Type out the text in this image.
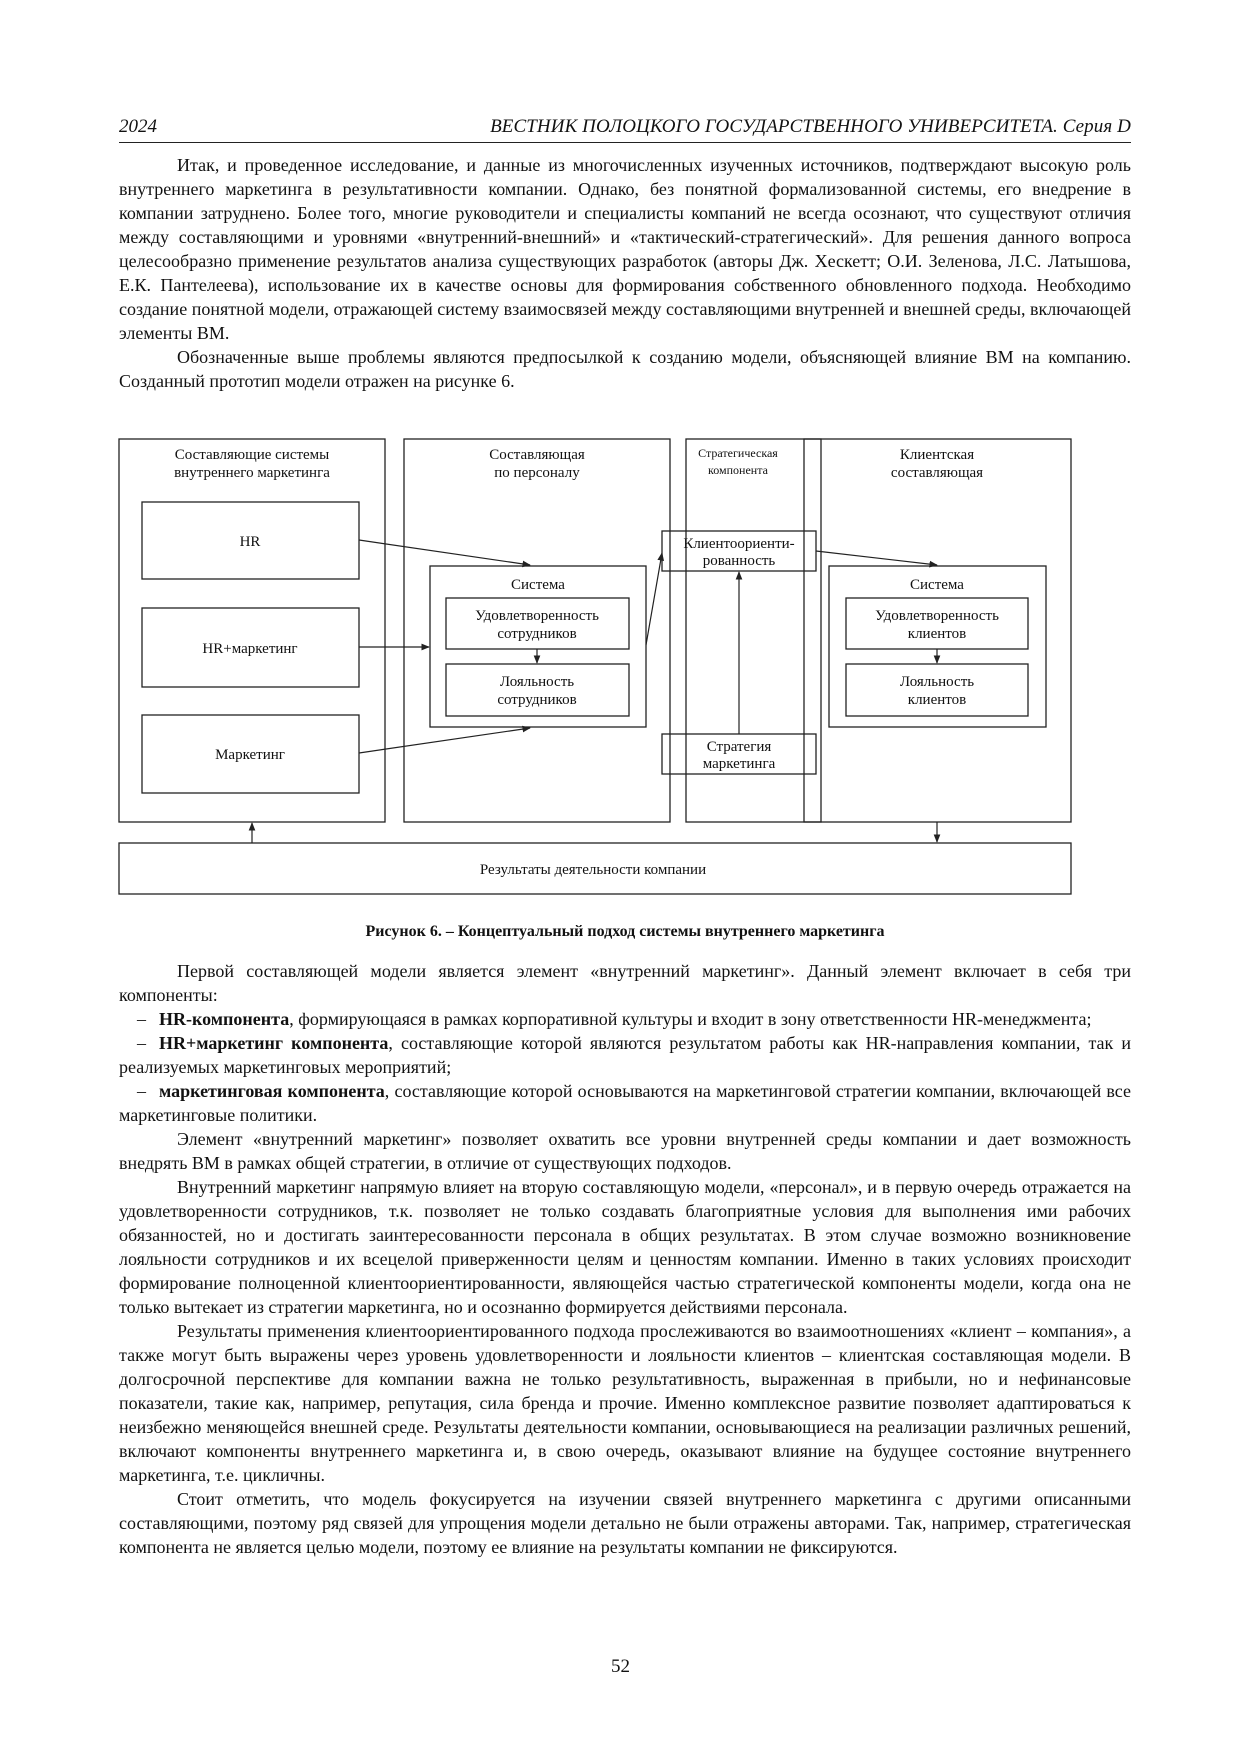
2024	ВЕСТНИК ПОЛОЦКОГО ГОСУДАРСТВЕННОГО УНИВЕРСИТЕТА. Серия D

Итак, и проведенное исследование, и данные из многочисленных изученных источников, подтверждают высокую роль внутреннего маркетинга в результативности компании. Однако, без понятной формализованной системы, его внедрение в компании затруднено. Более того, многие руководители и специалисты компаний не всегда осознают, что существуют отличия между составляющими и уровнями «внутренний-внешний» и «тактический-стратегический». Для решения данного вопроса целесообразно применение результатов анализа существующих разработок (авторы Дж. Хескетт; О.И. Зеленова, Л.С. Латышова, Е.К. Пантелеева), использование их в качестве основы для формирования собственного обновленного подхода. Необходимо создание понятной модели, отражающей систему взаимосвязей между составляющими внутренней и внешней среды, включающей элементы ВМ.

Обозначенные выше проблемы являются предпосылкой к созданию модели, объясняющей влияние ВМ на компанию. Созданный прототип модели отражен на рисунке 6.

Составляющие системы
внутреннего маркетинга
Составляющая
по персоналу
Стратегическая
компонента
Клиентская
составляющая
HR
HR+маркетинг
Маркетинг
Система
Удовлетворенность
сотрудников
Лояльность
сотрудников
Клиентоориенти-
рованность
Стратегия
маркетинга
Система
Удовлетворенность
клиентов
Лояльность
клиентов
Результаты деятельности компании
Рисунок 6. – Концептуальный подход системы внутреннего маркетинга

Первой составляющей модели является элемент «внутренний маркетинг». Данный элемент включает в себя три компоненты:

– HR-компонента, формирующаяся в рамках корпоративной культуры и входит в зону ответственности HR-менеджмента;

– HR+маркетинг компонента, составляющие которой являются результатом работы как HR-направления компании, так и реализуемых маркетинговых мероприятий;

– маркетинговая компонента, составляющие которой основываются на маркетинговой стратегии компании, включающей все маркетинговые политики.

Элемент «внутренний маркетинг» позволяет охватить все уровни внутренней среды компании и дает возможность внедрять ВМ в рамках общей стратегии, в отличие от существующих подходов.

Внутренний маркетинг напрямую влияет на вторую составляющую модели, «персонал», и в первую очередь отражается на удовлетворенности сотрудников, т.к. позволяет не только создавать благоприятные условия для выполнения ими рабочих обязанностей, но и достигать заинтересованности персонала в общих результатах. В этом случае возможно возникновение лояльности сотрудников и их всецелой приверженности целям и ценностям компании. Именно в таких условиях происходит формирование полноценной клиентоориентированности, являющейся частью стратегической компоненты модели, когда она не только вытекает из стратегии маркетинга, но и осознанно формируется действиями персонала.

Результаты применения клиентоориентированного подхода прослеживаются во взаимоотношениях «клиент – компания», а также могут быть выражены через уровень удовлетворенности и лояльности клиентов – клиентская составляющая модели. В долгосрочной перспективе для компании важна не только результативность, выраженная в прибыли, но и нефинансовые показатели, такие как, например, репутация, сила бренда и прочие. Именно комплексное развитие позволяет адаптироваться к неизбежно меняющейся внешней среде. Результаты деятельности компании, основывающиеся на реализации различных решений, включают компоненты внутреннего маркетинга и, в свою очередь, оказывают влияние на будущее состояние внутреннего маркетинга, т.е. цикличны.

Стоит отметить, что модель фокусируется на изучении связей внутреннего маркетинга с другими описанными составляющими, поэтому ряд связей для упрощения модели детально не были отражены авторами. Так, например, стратегическая компонента не является целью модели, поэтому ее влияние на результаты компании не фиксируются.

52
